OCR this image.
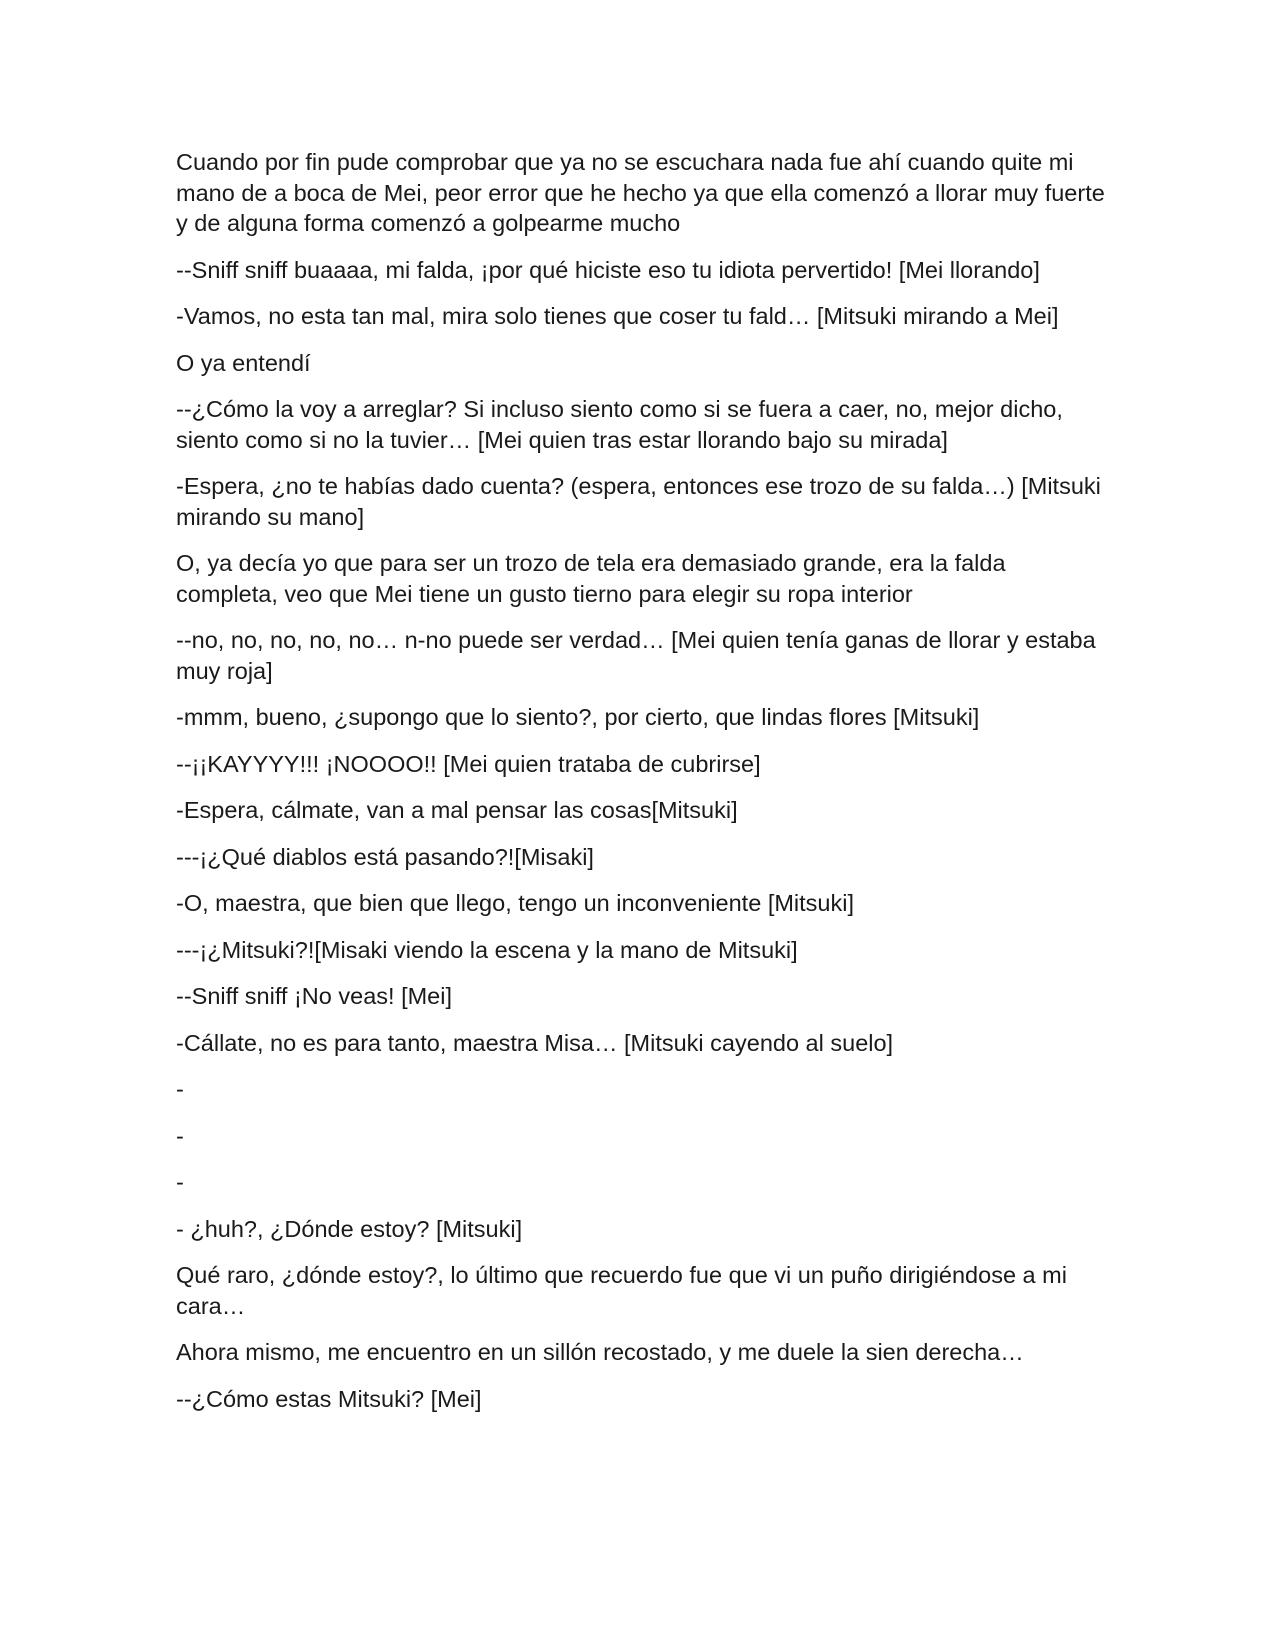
Cuando por fin pude comprobar que ya no se escuchara nada fue ahí cuando quite mi mano de a boca de Mei, peor error que he hecho ya que ella comenzó a llorar muy fuerte y de alguna forma comenzó a golpearme mucho

--Sniff sniff buaaaa, mi falda, ¡por qué hiciste eso tu idiota pervertido! [Mei llorando]

-Vamos, no esta tan mal, mira solo tienes que coser tu fald… [Mitsuki mirando a Mei]

O ya entendí

--¿Cómo la voy a arreglar? Si incluso siento como si se fuera a caer, no, mejor dicho, siento como si no la tuvier… [Mei quien tras estar llorando bajo su mirada]

-Espera, ¿no te habías dado cuenta? (espera, entonces ese trozo de su falda…) [Mitsuki mirando su mano]

O, ya decía yo que para ser un trozo de tela era demasiado grande, era la falda completa, veo que Mei tiene un gusto tierno para elegir su ropa interior

--no, no, no, no, no… n-no puede ser verdad… [Mei quien tenía ganas de llorar y estaba muy roja]

-mmm, bueno, ¿supongo que lo siento?, por cierto, que lindas flores [Mitsuki]

--¡¡KAYYYY!!! ¡NOOOO!! [Mei quien trataba de cubrirse]

-Espera, cálmate, van a mal pensar las cosas[Mitsuki]

---¡¿Qué diablos está pasando?![Misaki]

-O, maestra, que bien que llego, tengo un inconveniente [Mitsuki]

---¡¿Mitsuki?![Misaki viendo la escena y la mano de Mitsuki]

--Sniff sniff ¡No veas! [Mei]

-Cállate, no es para tanto, maestra Misa… [Mitsuki cayendo al suelo]

-

-

-

- ¿huh?, ¿Dónde estoy? [Mitsuki]

Qué raro, ¿dónde estoy?, lo último que recuerdo fue que vi un puño dirigiéndose a mi cara…

Ahora mismo, me encuentro en un sillón recostado, y me duele la sien derecha…

--¿Cómo estas Mitsuki? [Mei]
